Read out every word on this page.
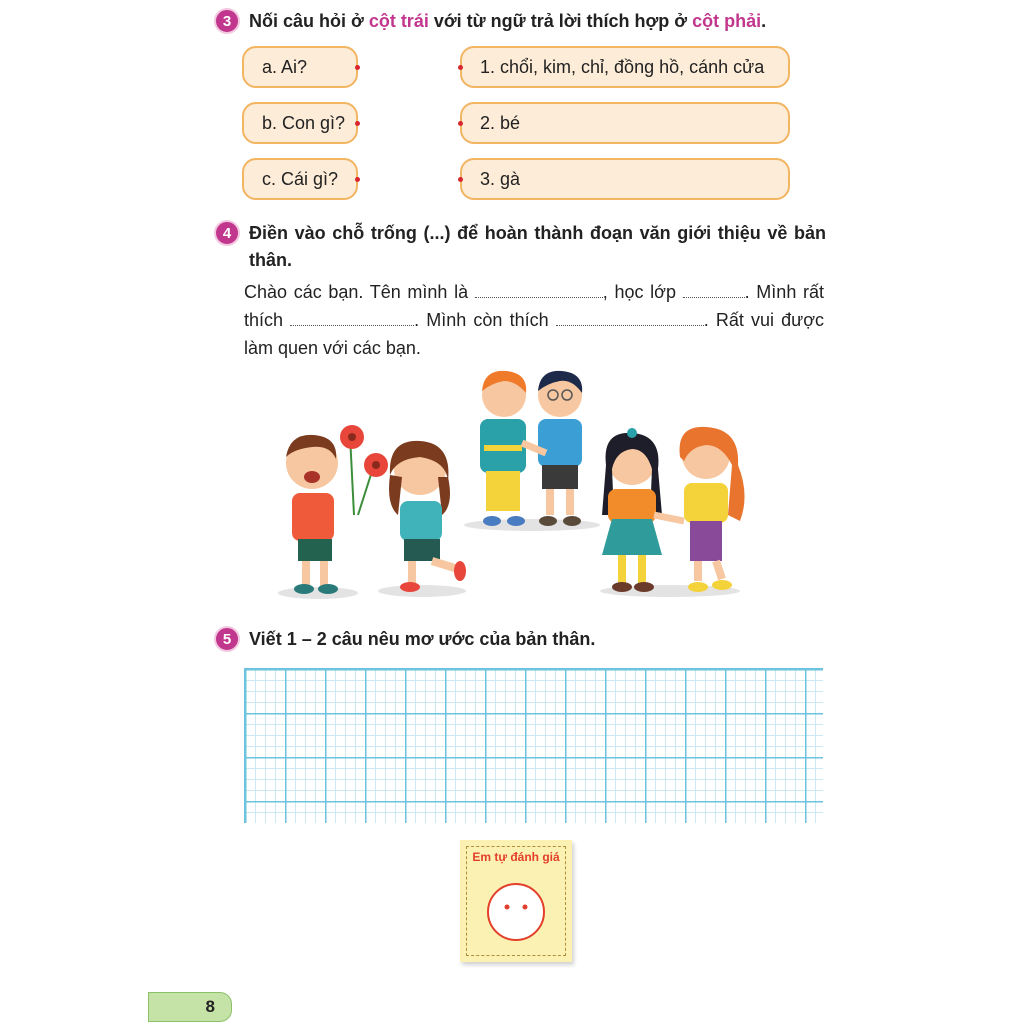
3 Nối câu hỏi ở cột trái với từ ngữ trả lời thích hợp ở cột phải.
a. Ai?
b. Con gì?
c. Cái gì?
1. chổi, kim, chỉ, đồng hồ, cánh cửa
2. bé
3. gà
4 Điền vào chỗ trống (...) để hoàn thành đoạn văn giới thiệu về bản thân.
Chào các bạn. Tên mình là	, học lớp	. Mình rất thích	. Mình còn thích	. Rất vui được làm quen với các bạn.
5 Viết 1 – 2 câu nêu mơ ước của bản thân.
Em tự đánh giá
8
